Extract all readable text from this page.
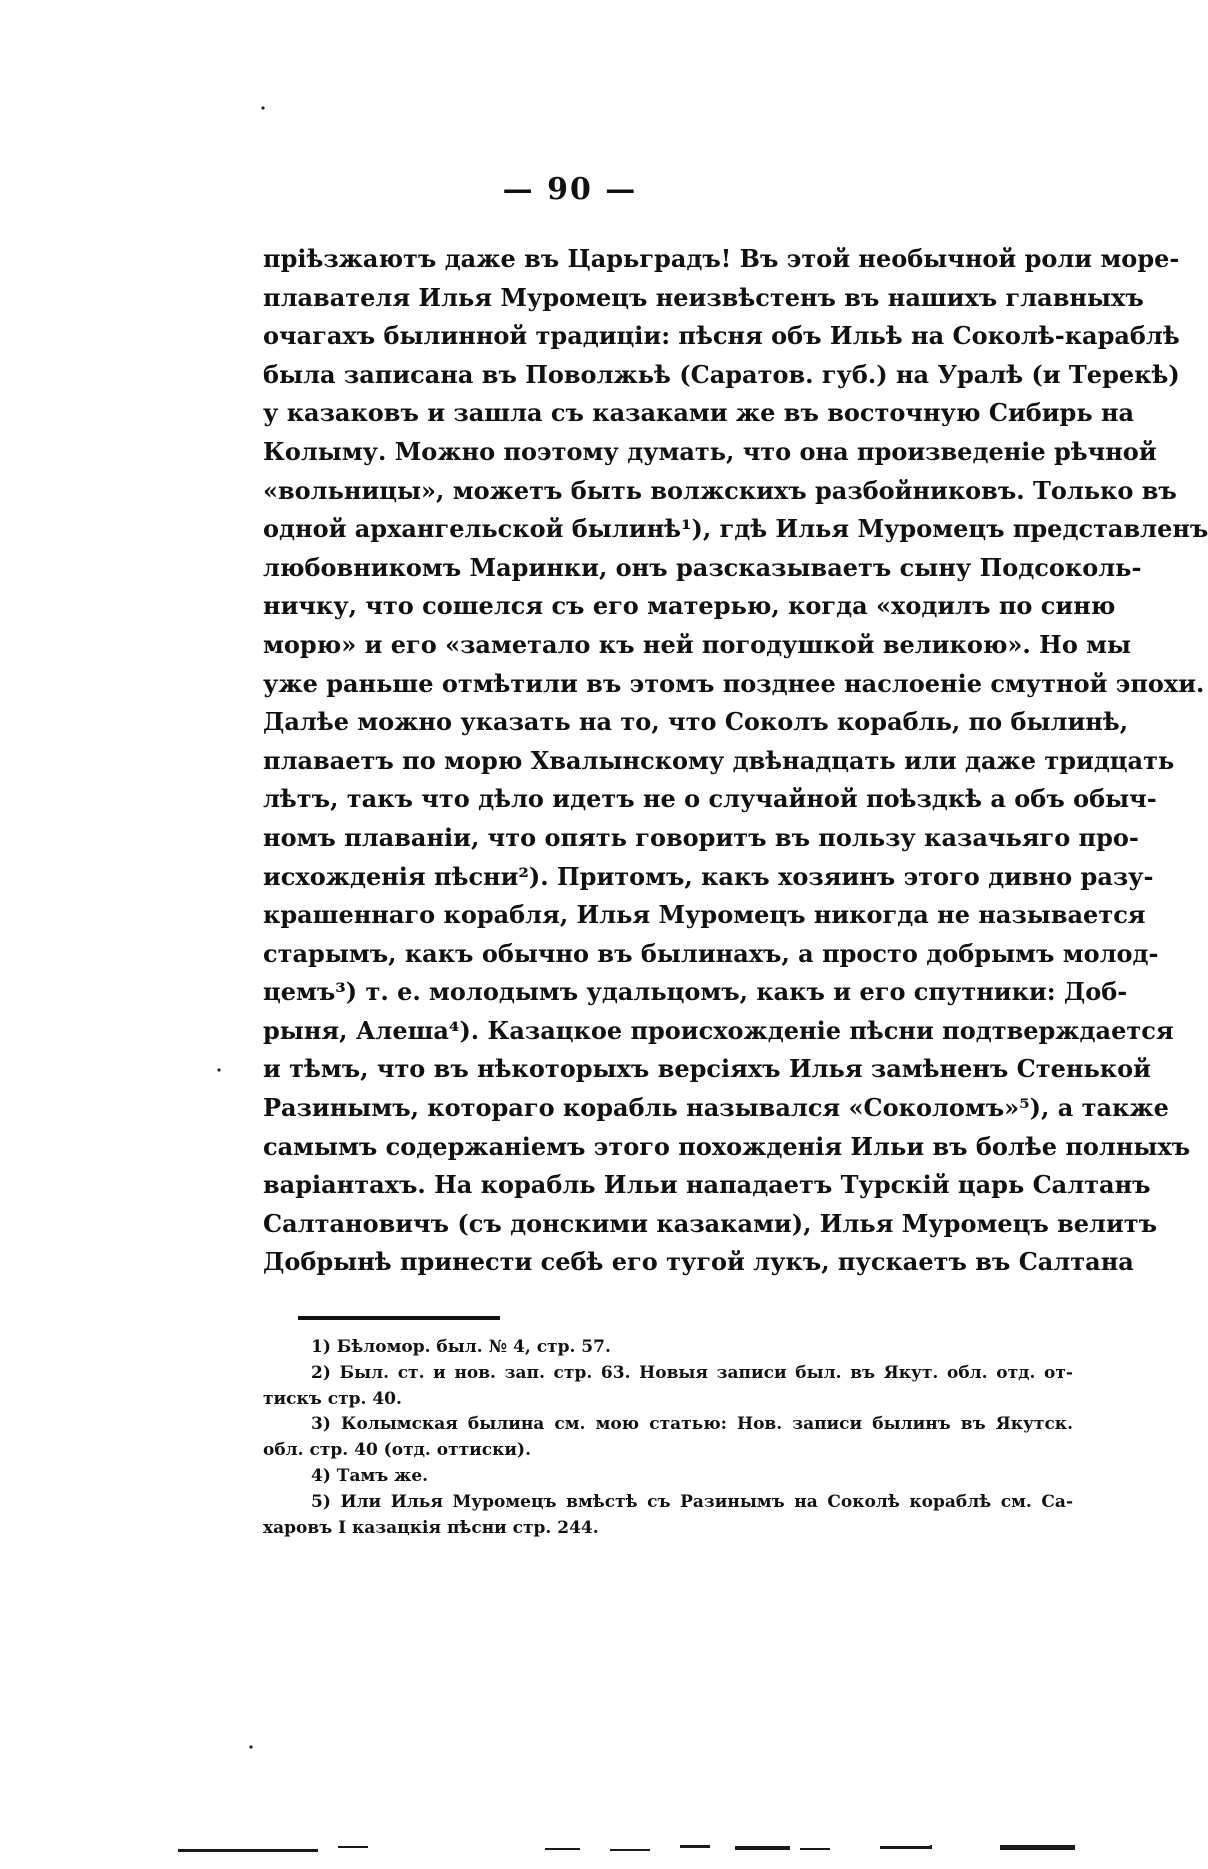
— 90 —
пріѣзжаютъ даже въ Царьградъ! Въ этой необычной роли море-
плавателя Илья Муромецъ неизвѣстенъ въ нашихъ главныхъ
очагахъ былинной традиціи: пѣсня объ Ильѣ на Соколѣ-караблѣ
была записана въ Поволжьѣ (Саратов. губ.) на Уралѣ (и Терекѣ)
у казаковъ и зашла съ казаками же въ восточную Сибирь на
Колыму. Можно поэтому думать, что она произведеніе рѣчной
«вольницы», можетъ быть волжскихъ разбойниковъ. Только въ
одной архангельской былинѣ¹), гдѣ Илья Муромецъ представленъ
любовникомъ Маринки, онъ разсказываетъ сыну Подсоколь-
ничку, что сошелся съ его матерью, когда «ходилъ по синю
морю» и его «заметало къ ней погодушкой великою». Но мы
уже раньше отмѣтили въ этомъ позднее наслоеніе смутной эпохи.
Далѣе можно указать на то, что Соколъ корабль, по былинѣ,
плаваетъ по морю Хвалынскому двѣнадцать или даже тридцать
лѣтъ, такъ что дѣло идетъ не о случайной поѣздкѣ а объ обыч-
номъ плаваніи, что опять говоритъ въ пользу казачьяго про-
исхожденія пѣсни²). Притомъ, какъ хозяинъ этого дивно разу-
крашеннаго корабля, Илья Муромецъ никогда не называется
старымъ, какъ обычно въ былинахъ, а просто добрымъ молод-
цемъ³) т. е. молодымъ удальцомъ, какъ и его спутники: Доб-
рыня, Алеша⁴). Казацкое происхожденіе пѣсни подтверждается
и тѣмъ, что въ нѣкоторыхъ версіяхъ Илья замѣненъ Стенькой
Разинымъ, котораго корабль назывался «Соколомъ»⁵), а также
самымъ содержаніемъ этого похожденія Ильи въ болѣе полныхъ
варіантахъ. На корабль Ильи нападаетъ Турскій царь Салтанъ
Салтановичъ (съ донскими казаками), Илья Муромецъ велитъ
Добрынѣ принести себѣ его тугой лукъ, пускаетъ въ Салтана
1) Бѣломор. был. № 4, стр. 57.
2) Был. ст. и нов. зап. стр. 63. Новыя записи был. въ Якут. обл. отд. от-
тискъ стр. 40.
3) Колымская былина см. мою статью: Нов. записи былинъ въ Якутск.
обл. стр. 40 (отд. оттиски).
4) Тамъ же.
5) Или Илья Муромецъ вмѣстѣ съ Разинымъ на Соколѣ кораблѣ см. Са-
харовъ I казацкія пѣсни стр. 244.
